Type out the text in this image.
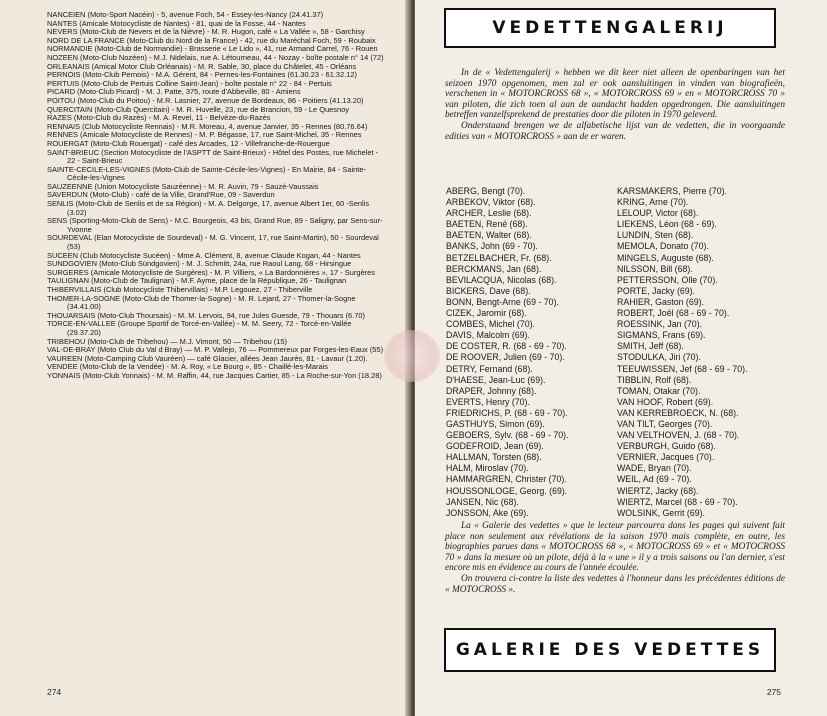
NANCEIEN (Moto-Sport Nacéin) - 5, avenue Foch, 54 - Essey-les-Nancy (24.41.37)

NANTES (Amicale Motocycliste de Nantes) - 81, quai de la Fosse, 44 - Nantes

NEVERS (Moto-Club de Nevers et de la Nièvre) - M. R. Hugon, café « La Vallée », 58 - Garchisy

NORD DE LA FRANCE (Moto-Club du Nord de la France) - 42, rue du Maréchal Foch, 59 - Roubaix

NORMANDIE (Moto-Club de Normandie) - Brasserie « Le Lido », 41, rue Armand Carrel, 76 - Rouen

NOZEEN (Moto-Club Nozéen) - M.J. Nidelais, rue A. Létourneau, 44 - Nozay - boîte postale n° 14 (72)

ORLEANAIS (Amical Motor Club Orléanais) - M. R. Sable, 30, place du Châtelet, 45 - Orléans

PERNOIS (Moto-Club Pernois) - M.A. Gérent, 84 - Pernes-les-Fontaines (61.30.23 - 61.32.12)

PERTUIS (Moto-Club de Pertuis Colline Saint-Jean) - boîte postale n° 22 - 84 - Pertuis

PICARD (Moto-Club Picard) - M. J. Patte, 375, route d'Abbeville, 80 - Amiens

POITOU (Moto-Club du Poitou) - M.R. Lasnier, 27, avenue de Bordeaux, 86 - Poitiers (41.13.20)

QUERCITAIN (Moto-Club Quercitain) - M. R. Huvelle, 23, rue de Brancion, 59 - Le Quesnoy

RAZES (Moto-Club du Razès) - M. A. Revel, 11 - Belvèze-du-Razès

RENNAIS (Club Motocycliste Rennais) - M.R. Moreau, 4, avenue Janvier, 35 - Rennes (80.76.64)

RENNES (Amicale Motocycliste de Rennes) - M. P. Bégasse, 17, rue Saint-Michel, 35 - Rennes

ROUERGAT (Moto-Club Rouergat) - café des Arcades, 12 - Villefranche-de-Rouergue

SAINT-BRIEUC (Section Motocycliste de l'ASPTT de Saint-Brieux) - Hôtel des Postes, rue Michelet - 22 - Saint-Brieuc

SAINTE-CECILE-LES-VIGNES (Moto-Club de Sainte-Cécile-les-Vignes) - En Mairie, 84 - Sainte-Cécile-les-Vignes

SAUZEENNE (Union Motocycliste Sauzéenne) - M. R. Auvin, 79 - Sauzé-Vaussais

SAVERDUN (Moto-Club) - café de la Ville, Grand'Rue, 09 - Saverdun

SENLIS (Moto-Club de Senlis et de sa Région) - M. A. Delgorge, 17, avenue Albert 1er, 60 -Senlis (3.02)

SENS (Sporting-Moto-Club de Sens) - M.C. Bourgeois, 43 bis, Grand Rue, 89 - Saligny, par Sens-sur-Yvonne

SOURDEVAL (Elan Motocycliste de Sourdeval) - M. G. Vincent, 17, rue Saint-Martin), 50 - Sourdeval (53)

SUCEEN (Club Motocycliste Sucéen) - Mme A. Clément, 8, avenue Claude Kogan, 44 - Nantes

SUNDGOVIEN (Moto-Club Sündgovien) - M. J. Schmitt, 24a, rue Raoul Lang, 68 - Hirsingue

SURGERES (Amicale Motocycliste de Surgères) - M. P. Villiers, « La Bardonnières », 17 - Surgères

TAULIGNAN (Moto-Club de Taulignan) - M.F. Ayme, place de la République, 26 - Taulignan

THIBERVILLAIS (Club Motocycliste Thibervillais) - M.P. Legouez, 27 - Thiberville

THOMER-LA-SOGNE (Moto-Club de Thomer-la-Sogne) - M. R. Lejard, 27 - Thomer-la-Sogne (34.41.00)

THOUARSAIS (Moto-Club Thoursais) - M. M. Lervois, 94, rue Jules Guesde, 79 - Thouars (6.70)

TORCE-EN-VALLEE (Groupe Sportif de Torcé-en-Vallée) - M. M. Seery, 72 - Torcé-en-Vallée (29.37.20)

TRIBEHOU (Moto-Club de Tribehou) — M.J. Vimont, 50 — Tribehou (15)

VAL-DE-BRAY (Moto Club du Val d Bray) — M. P. Vallejo, 76 — Pommereux par Forges-les-Eaux (55)

VAUREEN (Moto-Camping Club Vauréen) — café Glacier, allées Jean Jaurès, 81 - Lavaur (1.20).

VENDEE (Moto-Club de la Vendée) - M. A. Roy, « Le Bourg », 85 - Chaillé-les-Marais

YONNAIS (Moto-Club Yonnais) - M. M. Raffin, 44, rue Jacques Cartier, 85 - La Roche-sur-Yon (18.28)

274
VEDETTENGALERIJ

In de « Vedettengalerij » hebben we dit keer niet alleen de openbaringen van het seizoen 1970 opgenomen, men zal er ook aansluitingen in vinden van biografieën, verschenen in « MOTORCROSS 68 », « MOTORCROSS 69 » en « MOTORCROSS 70 » van piloten, die zich toen al aan de aandacht hadden opgedrongen. Die aansluitingen betreffen vanzelfsprekend de prestaties door die piloten in 1970 geleverd.

Onderstaand brengen we de alfabetische lijst van de vedetten, die in voorgaande edities van « MOTORCROSS » aan de er waren.

ABERG, Bengt (70).
ARBEKOV, Viktor (68).
ARCHER, Leslie (68).
BAETEN, René (68).
BAETEN, Walter (68).
BANKS, John (69 - 70).
BETZELBACHER, Fr. (68).
BERCKMANS, Jan (68).
BEVILACQUA, Nicolas (68).
BICKERS, Dave (68).
BONN, Bengt-Arne (69 - 70).
CIZEK, Jaromir (68).
COMBES, Michel (70).
DAVIS, Malcolm (69).
DE COSTER, R. (68 - 69 - 70).
DE ROOVER, Julien (69 - 70).
DETRY, Fernand (68).
D'HAESE, Jean-Luc (69).
DRAPER, Johnny (68).
EVERTS, Henry (70).
FRIEDRICHS, P. (68 - 69 - 70).
GASTHUYS, Simon (69).
GEBOERS, Sylv. (68 - 69 - 70).
GODEFROID, Jean (69).
HALLMAN, Torsten (68).
HALM, Miroslav (70).
HAMMARGREN, Christer (70).
HOUSSONLOGE, Georg. (69).
JANSEN, Nic (68).
JONSSON, Ake (69).
KARSMAKERS, Pierre (70).
KRING, Arne (70).
LELOUP, Victor (68).
LIEKENS, Léon (68 - 69).
LUNDIN, Sten (68).
MEMOLA, Donato (70).
MINGELS, Auguste (68).
NILSSON, Bill (68).
PETTERSSON, Olle (70).
PORTE, Jacky (69).
RAHIER, Gaston (69).
ROBERT, Joël (68 - 69 - 70).
ROESSINK, Jan (70).
SIGMANS, Frans (69).
SMITH, Jeff (68).
STODULKA, Jiri (70).
TEEUWISSEN, Jef (68 - 69 - 70).
TIBBLIN, Rolf (68).
TOMAN, Otakar (70).
VAN HOOF, Robert (69).
VAN KERREBROECK, N. (68).
VAN TILT, Georges (70).
VAN VELTHOVEN, J. (68 - 70).
VERBURGH, Guido (68).
VERNIER, Jacques (70).
WADE, Bryan (70).
WEIL, Ad (69 - 70).
WIERTZ, Jacky (68).
WIERTZ, Marcel (68 - 69 - 70).
WOLSINK, Gerrit (69).

La « Galerie des vedettes » que le lecteur parcourra dans les pages qui suivent fait place non seulement aux révélations de la saison 1970 mais complète, en outre, les biographies parues dans « MOTOCROSS 68 », « MOTOCROSS 69 » et « MOTOCROSS 70 » dans la mesure où un pilote, déjà à la « une » il y a trois saisons ou l'an dernier, s'est encore mis en évidence au cours de l'année écoulée.

On trouvera ci-contre la liste des vedettes à l'honneur dans les précédentes éditions de « MOTOCROSS ».

GALERIE DES VEDETTES
275
